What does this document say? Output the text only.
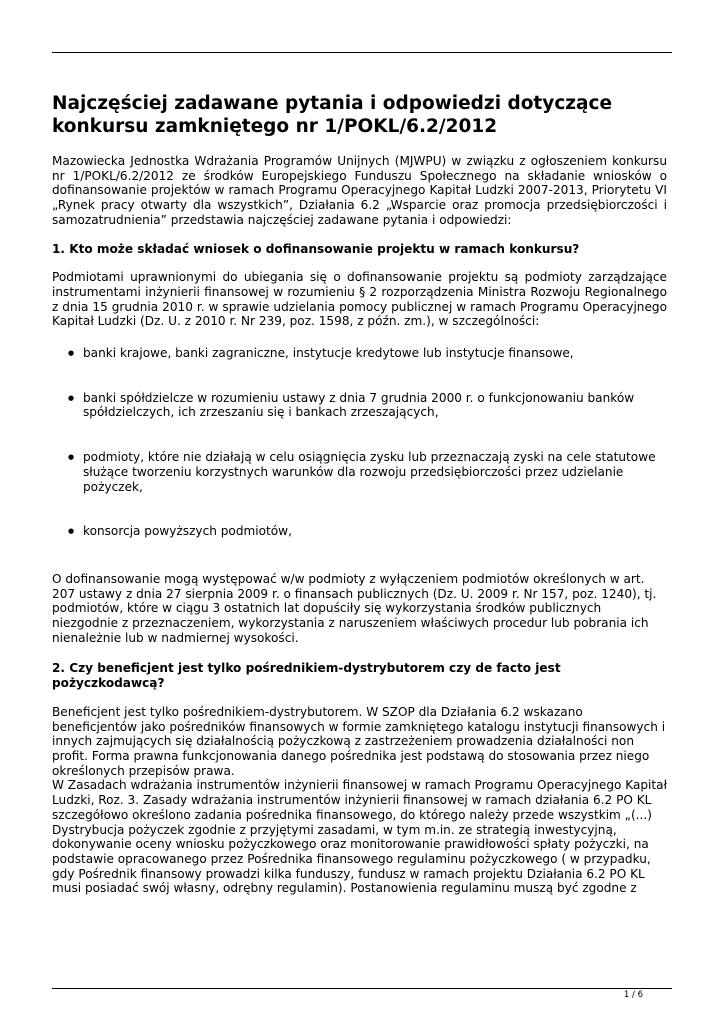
Najczęściej zadawane pytania i odpowiedzi dotyczące konkursu zamkniętego nr 1/POKL/6.2/2012

Mazowiecka Jednostka Wdrażania Programów Unijnych (MJWPU) w związku z ogłoszeniem konkursu nr 1/POKL/6.2/2012 ze środków Europejskiego Funduszu Społecznego na składanie wniosków o dofinansowanie projektów w ramach Programu Operacyjnego Kapitał Ludzki 2007-2013, Priorytetu VI „Rynek pracy otwarty dla wszystkich”, Działania 6.2 „Wsparcie oraz promocja przedsiębiorczości i samozatrudnienia” przedstawia najczęściej zadawane pytania i odpowiedzi:

1. Kto może składać wniosek o dofinansowanie projektu w ramach konkursu?

Podmiotami uprawnionymi do ubiegania się o dofinansowanie projektu są podmioty zarządzające instrumentami inżynierii finansowej w rozumieniu § 2 rozporządzenia Ministra Rozwoju Regionalnego z dnia 15 grudnia 2010 r. w sprawie udzielania pomocy publicznej w ramach Programu Operacyjnego Kapitał Ludzki (Dz. U. z 2010 r. Nr 239, poz. 1598, z późn. zm.), w szczególności:

● banki krajowe, banki zagraniczne, instytucje kredytowe lub instytucje finansowe,
● banki spółdzielcze w rozumieniu ustawy z dnia 7 grudnia 2000 r. o funkcjonowaniu banków spółdzielczych, ich zrzeszaniu się i bankach zrzeszających,
● podmioty, które nie działają w celu osiągnięcia zysku lub przeznaczają zyski na cele statutowe służące tworzeniu korzystnych warunków dla rozwoju przedsiębiorczości przez udzielanie pożyczek,
● konsorcja powyższych podmiotów,

O dofinansowanie mogą występować w/w podmioty z wyłączeniem podmiotów określonych w art. 207 ustawy z dnia 27 sierpnia 2009 r. o finansach publicznych (Dz. U. 2009 r. Nr 157, poz. 1240), tj. podmiotów, które w ciągu 3 ostatnich lat dopuściły się wykorzystania środków publicznych niezgodnie z przeznaczeniem, wykorzystania z naruszeniem właściwych procedur lub pobrania ich nienależnie lub w nadmiernej wysokości.

2. Czy beneficjent jest tylko pośrednikiem-dystrybutorem czy de facto jest pożyczkodawcą?

Beneficjent jest tylko pośrednikiem-dystrybutorem. W SZOP dla Działania 6.2 wskazano beneficjentów jako pośredników finansowych w formie zamkniętego katalogu instytucji finansowych i innych zajmujących się działalnością pożyczkową z zastrzeżeniem prowadzenia działalności non profit. Forma prawna funkcjonowania danego pośrednika jest podstawą do stosowania przez niego określonych przepisów prawa.

W Zasadach wdrażania instrumentów inżynierii finansowej w ramach Programu Operacyjnego Kapitał Ludzki, Roz. 3. Zasady wdrażania instrumentów inżynierii finansowej w ramach działania 6.2 PO KL szczegółowo określono zadania pośrednika finansowego, do którego należy przede wszystkim „(...) Dystrybucja pożyczek zgodnie z przyjętymi zasadami, w tym m.in. ze strategią inwestycyjną, dokonywanie oceny wniosku pożyczkowego oraz monitorowanie prawidłowości spłaty pożyczki, na podstawie opracowanego przez Pośrednika finansowego regulaminu pożyczkowego ( w przypadku, gdy Pośrednik finansowy prowadzi kilka funduszy, fundusz w ramach projektu Działania 6.2 PO KL musi posiadać swój własny, odrębny regulamin). Postanowienia regulaminu muszą być zgodne z

1 / 6
